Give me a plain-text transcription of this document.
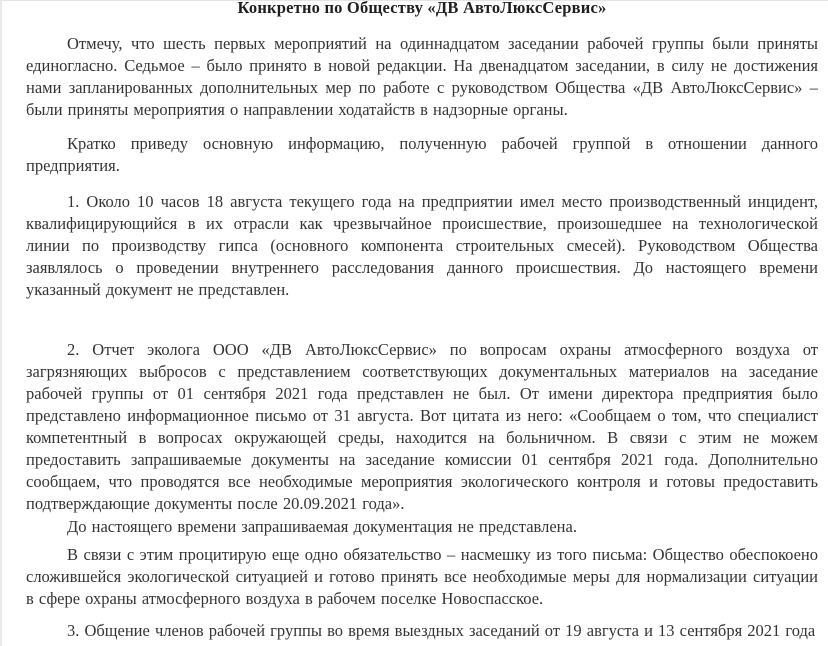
Конкретно по Обществу «ДВ АвтоЛюксСервис»

Отмечу, что шесть первых мероприятий на одиннадцатом заседании рабочей группы были приняты единогласно. Седьмое – было принято в новой редакции. На двенадцатом заседании, в силу не достижения нами запланированных дополнительных мер по работе с руководством Общества «ДВ АвтоЛюксСервис» – были приняты мероприятия о направлении ходатайств в надзорные органы.

Кратко приведу основную информацию, полученную рабочей группой в отношении данного предприятия.

1. Около 10 часов 18 августа текущего года на предприятии имел место производственный инцидент, квалифицирующийся в их отрасли как чрезвычайное происшествие, произошедшее на технологической линии по производству гипса (основного компонента строительных смесей). Руководством Общества заявлялось о проведении внутреннего расследования данного происшествия. До настоящего времени указанный документ не представлен.

2. Отчет эколога ООО «ДВ АвтоЛюксСервис» по вопросам охраны атмосферного воздуха от загрязняющих выбросов с представлением соответствующих документальных материалов на заседание рабочей группы от 01 сентября 2021 года представлен не был. От имени директора предприятия было представлено информационное письмо от 31 августа. Вот цитата из него: «Сообщаем о том, что специалист компетентный в вопросах окружающей среды, находится на больничном. В связи с этим не можем предоставить запрашиваемые документы на заседание комиссии 01 сентября 2021 года. Дополнительно сообщаем, что проводятся все необходимые мероприятия экологического контроля и готовы предоставить подтверждающие документы после 20.09.2021 года».

До настоящего времени запрашиваемая документация не представлена.

В связи с этим процитирую еще одно обязательство – насмешку из того письма: Общество обеспокоено сложившейся экологической ситуацией и готово принять все необходимые меры для нормализации ситуации в сфере охраны атмосферного воздуха в рабочем поселке Новоспасское.

3. Общение членов рабочей группы во время выездных заседаний от 19 августа и 13 сентября 2021 года
